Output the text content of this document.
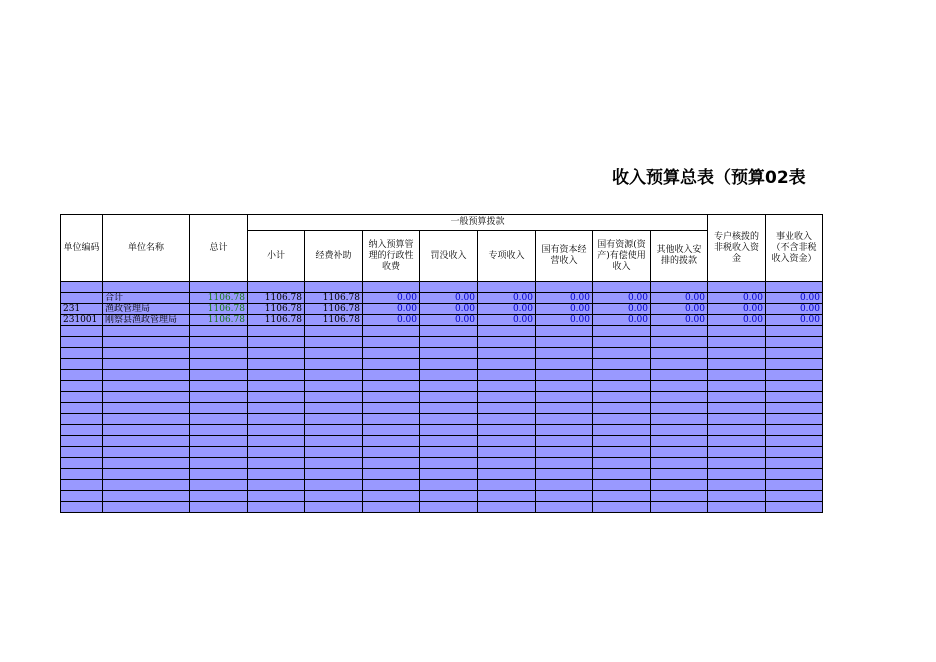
收入预算总表（预算02表
单位编码	单位名称	总计	一般预算拨款								专户核拨的非税收入资金	事业收入（不含非税收入资金）
			小计	经费补助	纳入预算管理的行政性收费	罚没收入	专项收入	国有资本经营收入	国有资源(资产)有偿使用收入	其他收入安排的拨款		

	合计	1106.78	1106.78	1106.78	0.00	0.00	0.00	0.00	0.00	0.00	0.00	0.00
231	渔政管理局	1106.78	1106.78	1106.78	0.00	0.00	0.00	0.00	0.00	0.00	0.00	0.00
231001	刚察县渔政管理局	1106.78	1106.78	1106.78	0.00	0.00	0.00	0.00	0.00	0.00	0.00	0.00
